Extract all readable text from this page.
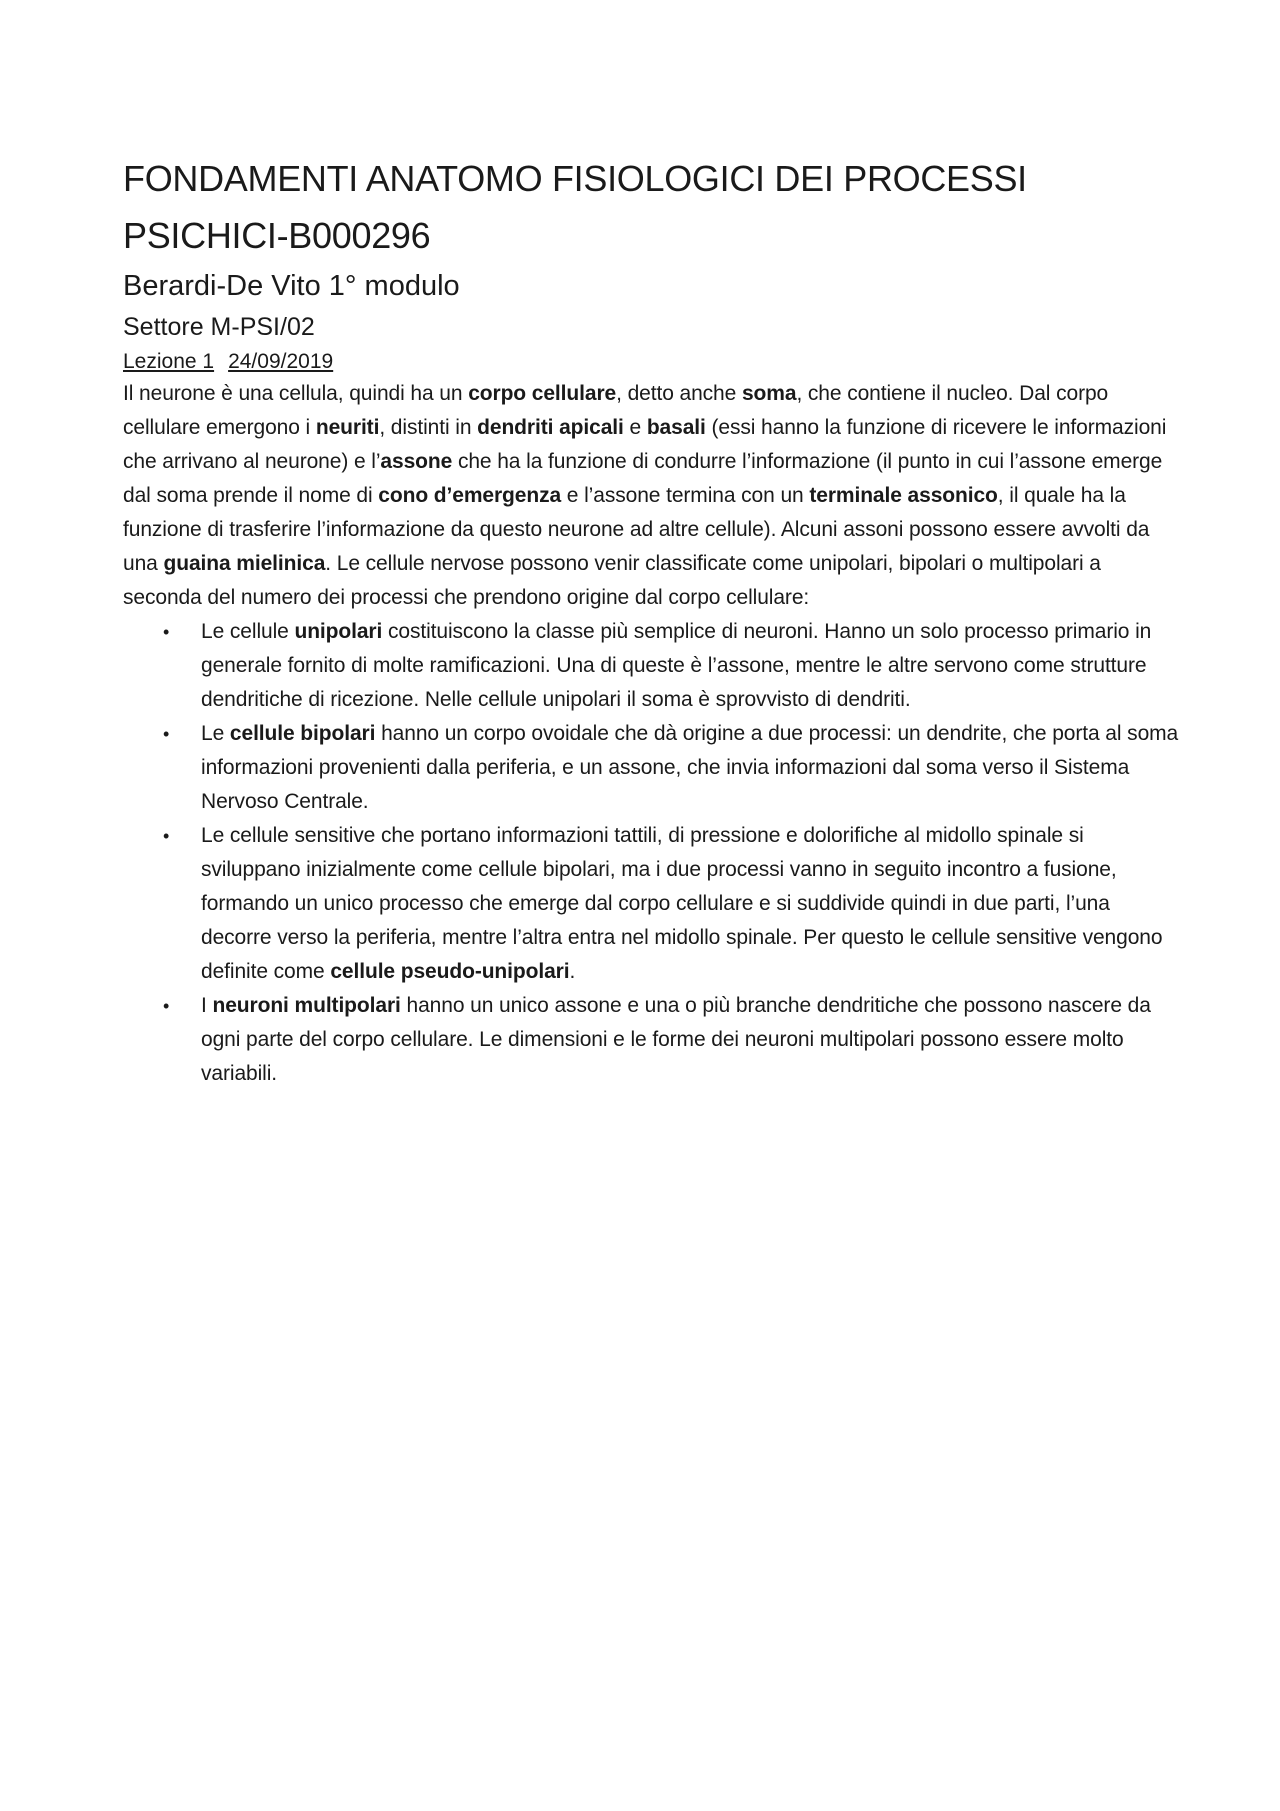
FONDAMENTI ANATOMO FISIOLOGICI DEI PROCESSI PSICHICI-B000296
Berardi-De Vito 1° modulo
Settore M-PSI/02

Lezione 1 24/09/2019

Il neurone è una cellula, quindi ha un corpo cellulare, detto anche soma, che contiene il nucleo. Dal corpo cellulare emergono i neuriti, distinti in dendriti apicali e basali (essi hanno la funzione di ricevere le informazioni che arrivano al neurone) e l’assone che ha la funzione di condurre l’informazione (il punto in cui l’assone emerge dal soma prende il nome di cono d’emergenza e l’assone termina con un terminale assonico, il quale ha la funzione di trasferire l’informazione da questo neurone ad altre cellule). Alcuni assoni possono essere avvolti da una guaina mielinica. Le cellule nervose possono venir classificate come unipolari, bipolari o multipolari a seconda del numero dei processi che prendono origine dal corpo cellulare:

• Le cellule unipolari costituiscono la classe più semplice di neuroni. Hanno un solo processo primario in generale fornito di molte ramificazioni. Una di queste è l’assone, mentre le altre servono come strutture dendritiche di ricezione. Nelle cellule unipolari il soma è sprovvisto di dendriti.
• Le cellule bipolari hanno un corpo ovoidale che dà origine a due processi: un dendrite, che porta al soma informazioni provenienti dalla periferia, e un assone, che invia informazioni dal soma verso il Sistema Nervoso Centrale.
• Le cellule sensitive che portano informazioni tattili, di pressione e dolorifiche al midollo spinale si sviluppano inizialmente come cellule bipolari, ma i due processi vanno in seguito incontro a fusione, formando un unico processo che emerge dal corpo cellulare e si suddivide quindi in due parti, l’una decorre verso la periferia, mentre l’altra entra nel midollo spinale. Per questo le cellule sensitive vengono definite come cellule pseudo-unipolari.
• I neuroni multipolari hanno un unico assone e una o più branche dendritiche che possono nascere da ogni parte del corpo cellulare. Le dimensioni e le forme dei neuroni multipolari possono essere molto variabili.
